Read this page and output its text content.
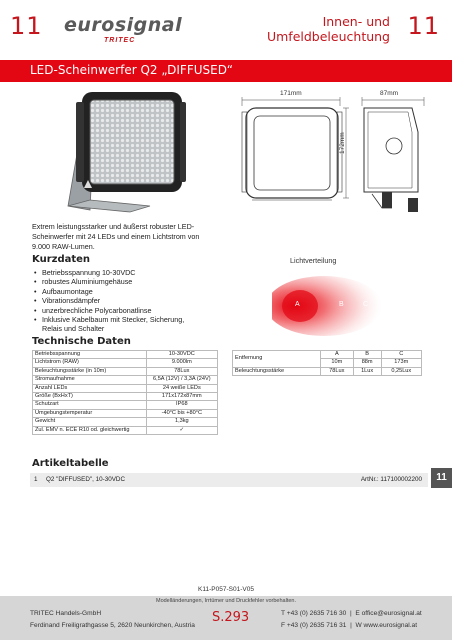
11 eurosignal
TRITEC
Innen- und
Umfeldbeleuchtung 11
LED-Scheinwerfer Q2 „DIFFUSED“
171mm	87mm
172mm
Extrem leistungsstarker und äußerst robuster LED-Scheinwerfer mit 24 LEDs und einem Lichtstrom von 9.000 RAW-Lumen.
Kurzdaten
• Betriebsspannung 10-30VDC
• robustes Aluminiumgehäuse
• Aufbaumontage
• Vibrationsdämpfer
• unzerbrechliche Polycarbonatlinse
• Inklusive Kabelbaum mit Stecker, Sicherung, Relais und Schalter
Lichtverteilung
A	B	C
Technische Daten
Betriebsspannung	10-30VDC
Lichtstrom (RAW)	9.000lm
Beleuchtungsstärke (in 10m)	78Lux
Stromaufnahme	6,5A (12V) / 3,3A (24V)
Anzahl LEDs	24 weiße LEDs
Größe (BxHxT)	171x172x87mm
Schutzart	IP68
Umgebungstemperatur	-40°C bis +80°C
Gewicht	1,3kg
Zul. EMV n. ECE R10 od. gleichwertig	✓
Entfernung	A	B	C
	10m	88m	173m
Beleuchtungsstärke	78Lux	1Lux	0,25Lux
Artikeltabelle
1 Q2 "DIFFUSED", 10-30VDC	ArtNr.: 117100002200	11
K11-P057-S01-V05
Modelländerungen, Irrtümer und Druckfehler vorbehalten.
TRITEC Handels-GmbH
Ferdinand Freiligrathgasse 5, 2620 Neunkirchen, Austria
S.293	T +43 (0) 2635 716 30  |  E office@eurosignal.at
F +43 (0) 2635 716 31  |  W www.eurosignal.at
